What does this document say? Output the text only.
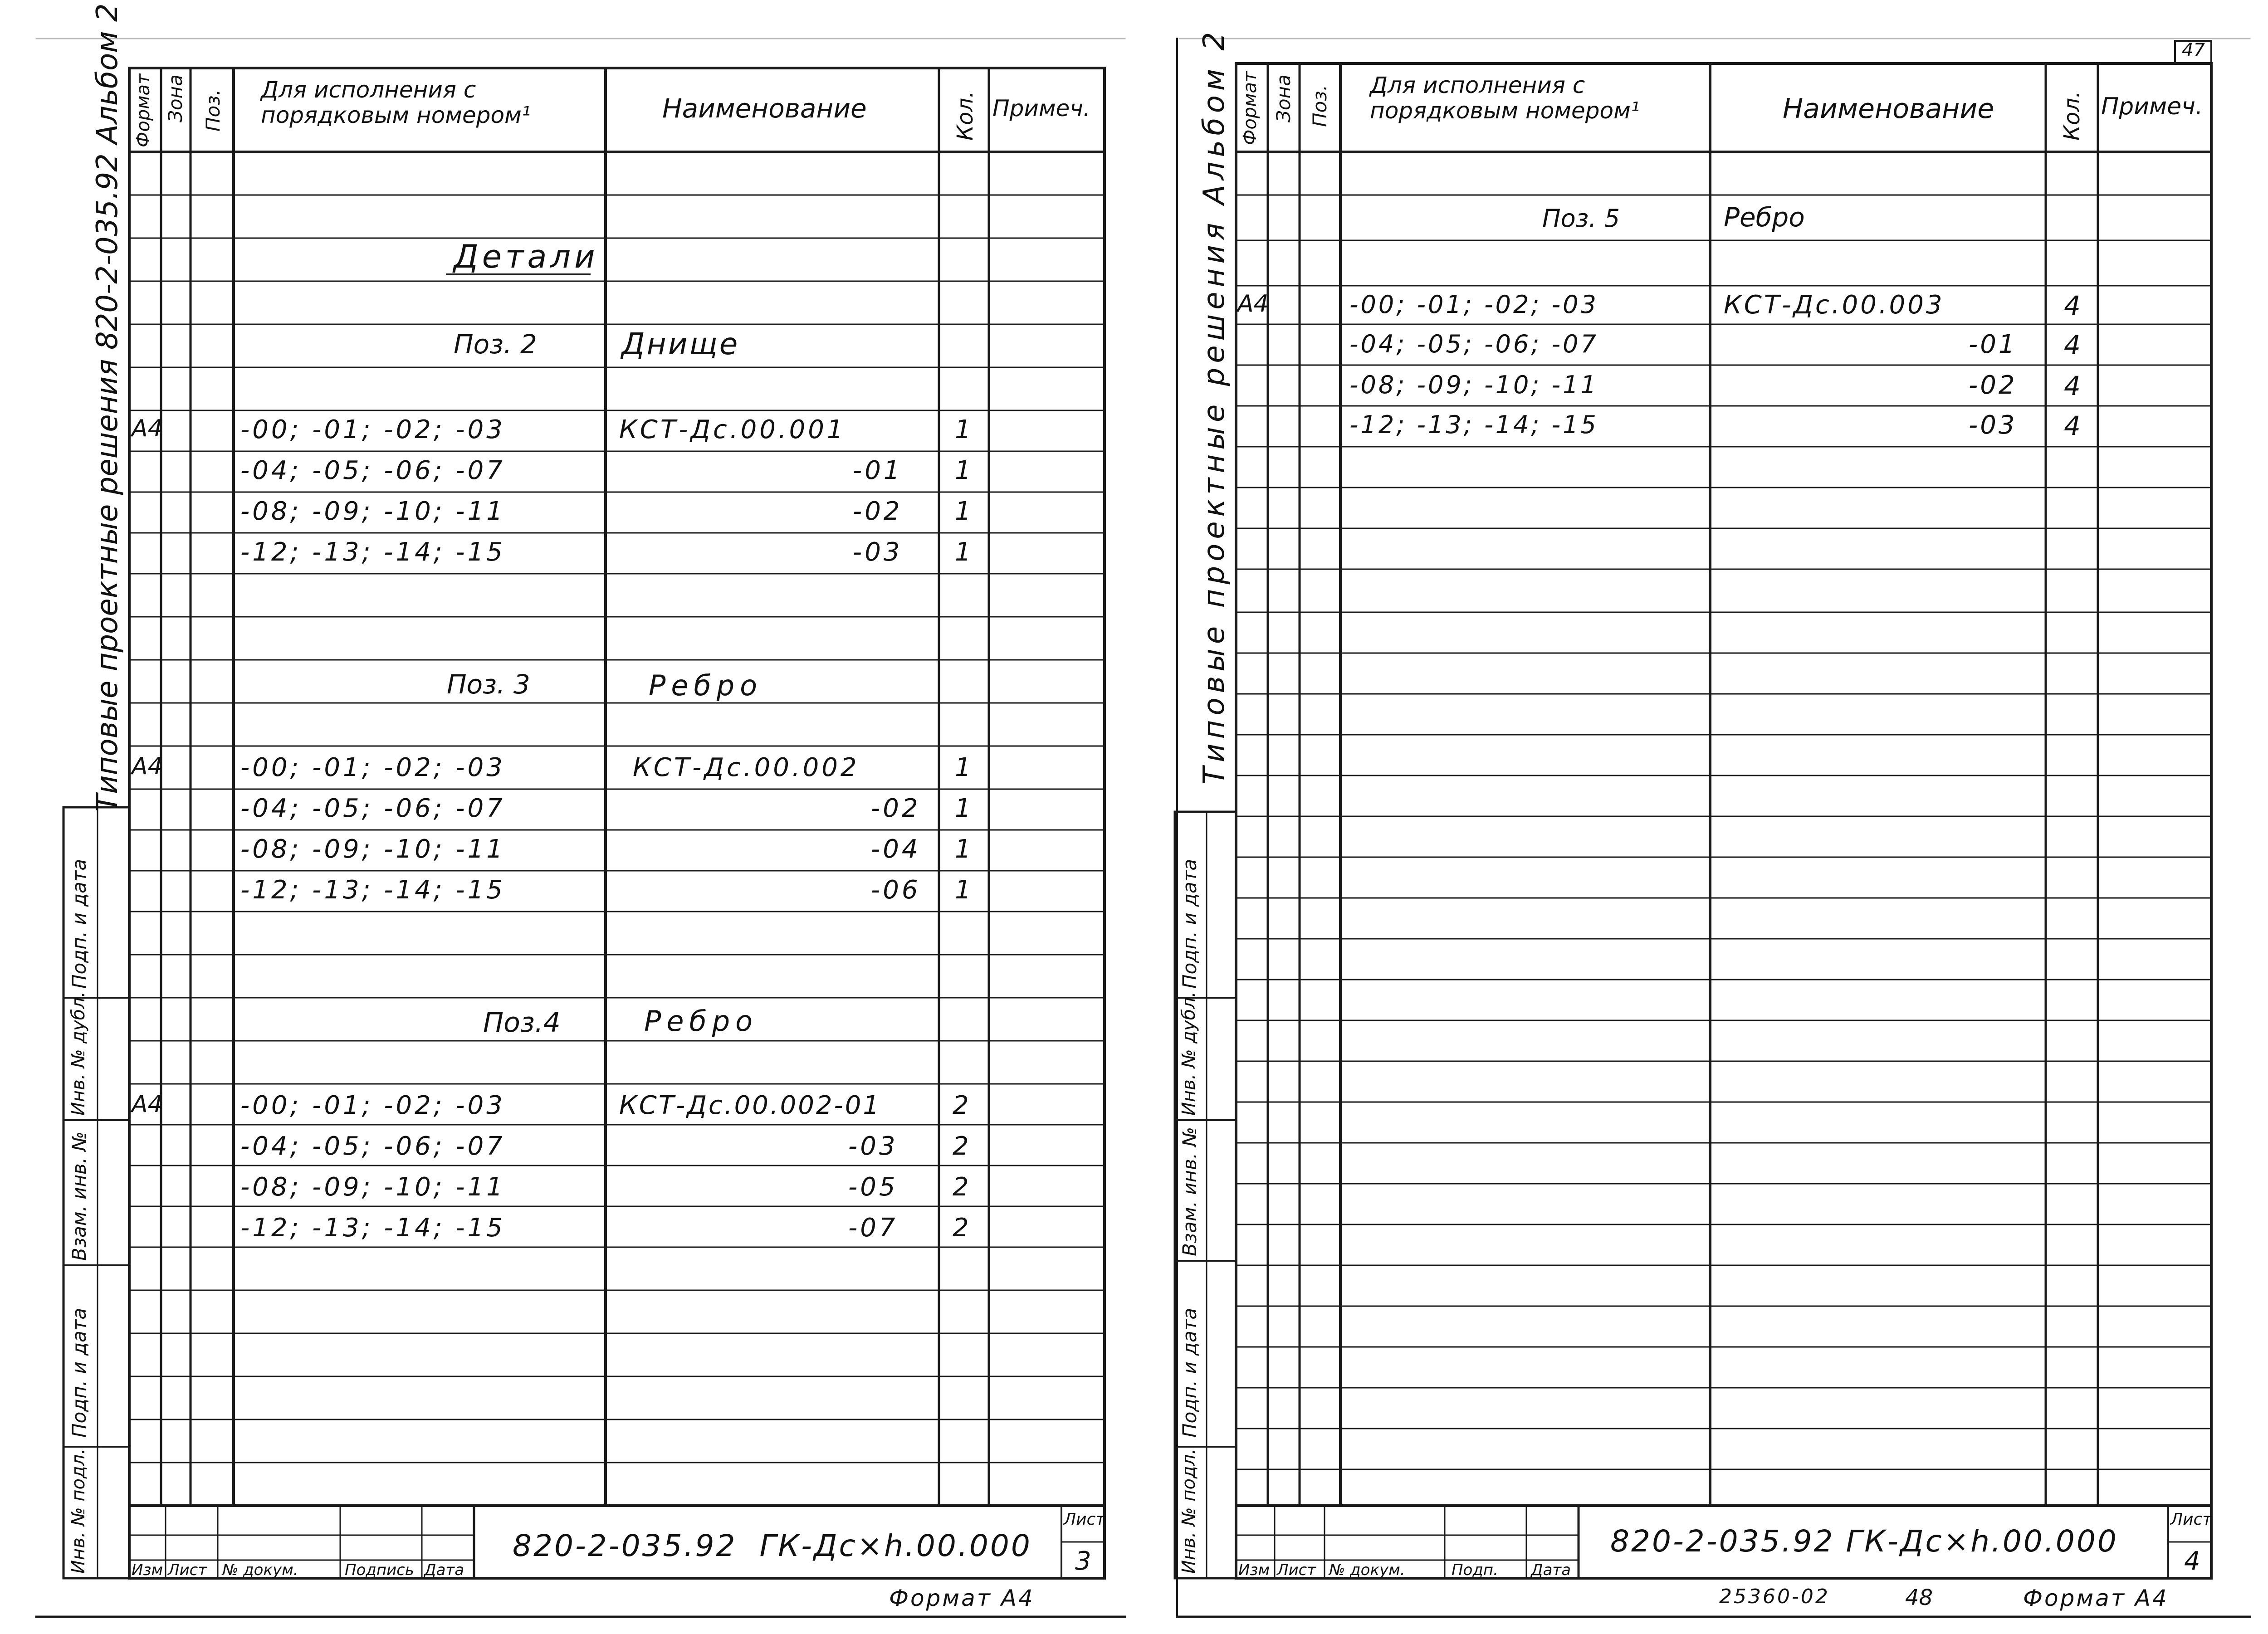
47
Типовые проектные решения 820-2-035.92 Альбом 2 Формат Зона Поз. Для исполнения с порядковым номером¹	Наименование	Кол. Примеч.
Детали
Поз. 2	Днище
А4	-00; -01; -02; -03	КСТ-Дс.00.001	1
-04; -05; -06; -07	-01 1
-08; -09; -10; -11	-02 1
-12; -13; -14; -15	-03 1
Поз. 3	Ребро
А4	-00; -01; -02; -03	КСТ-Дс.00.002	1
-04; -05; -06; -07	-02 1
-08; -09; -10; -11	-04 1
-12; -13; -14; -15	-06 1
Поз.4	Ребро
А4	-00; -01; -02; -03	КСТ-Дс.00.002-01	2
-04; -05; -06; -07	-03 2
-08; -09; -10; -11	-05 2
-12; -13; -14; -15	-07 2
Изм Лист № докум.	Подпись Дата
820-2-035.92  ГК-Дс×h.00.000
Лист
3
Формат А4
Подп. и дата
Инв. № дубл.
Взам. инв. №
Подп. и дата
Инв. № подл.
Типовые проектные решения Альбом 2 Формат Зона Поз. Для исполнения с порядковым номером¹	Наименование	Кол. Примеч.
Поз. 5	Ребро
А4	-00; -01; -02; -03	КСТ-Дс.00.003	4
-04; -05; -06; -07	-01 4
-08; -09; -10; -11	-02 4
-12; -13; -14; -15	-03 4
Изм Лист № докум.	Подп. Дата
820-2-035.92 ГК-Дс×h.00.000
Лист
4
25360-02	48	Формат А4
Подп. и дата
Инв. № дубл.
Взам. инв. №
Подп. и дата
Инв. № подл.
